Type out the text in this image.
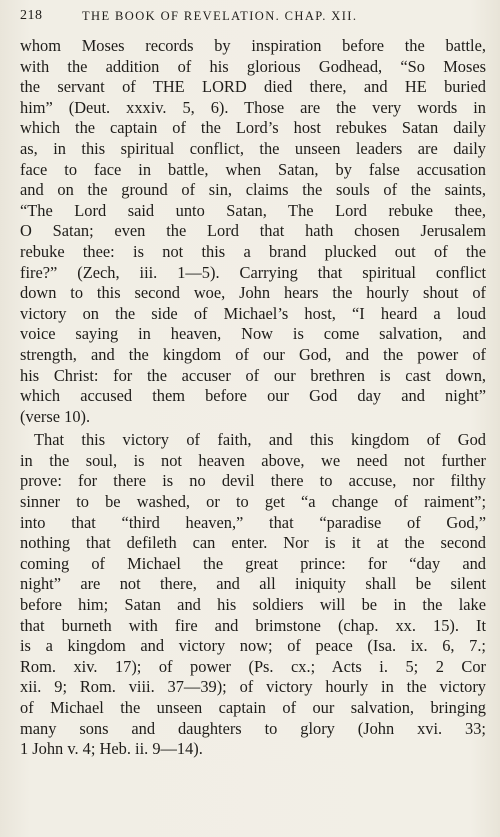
218	THE BOOK OF REVELATION. CHAP. XII.
whom Moses records by inspiration before the battle,
with the addition of his glorious Godhead, “So Moses
the servant of THE LORD died there, and HE buried
him” (Deut. xxxiv. 5, 6). Those are the very words in
which the captain of the Lord’s host rebukes Satan daily
as, in this spiritual conflict, the unseen leaders are daily
face to face in battle, when Satan, by false accusation
and on the ground of sin, claims the souls of the saints,
“The Lord said unto Satan, The Lord rebuke thee,
O Satan; even the Lord that hath chosen Jerusalem
rebuke thee: is not this a brand plucked out of the
fire?” (Zech, iii. 1—5). Carrying that spiritual conflict
down to this second woe, John hears the hourly shout of
victory on the side of Michael’s host, “I heard a loud
voice saying in heaven, Now is come salvation, and
strength, and the kingdom of our God, and the power of
his Christ: for the accuser of our brethren is cast down,
which accused them before our God day and night”
(verse 10).
That this victory of faith, and this kingdom of God
in the soul, is not heaven above, we need not further
prove: for there is no devil there to accuse, nor filthy
sinner to be washed, or to get “a change of raiment”;
into that “third heaven,” that “paradise of God,”
nothing that defileth can enter. Nor is it at the second
coming of Michael the great prince: for “day and
night” are not there, and all iniquity shall be silent
before him; Satan and his soldiers will be in the lake
that burneth with fire and brimstone (chap. xx. 15). It
is a kingdom and victory now; of peace (Isa. ix. 6, 7.;
Rom. xiv. 17); of power (Ps. cx.; Acts i. 5; 2 Cor
xii. 9; Rom. viii. 37—39); of victory hourly in the victory
of Michael the unseen captain of our salvation, bringing
many sons and daughters to glory (John xvi. 33;
1 John v. 4; Heb. ii. 9—14).
